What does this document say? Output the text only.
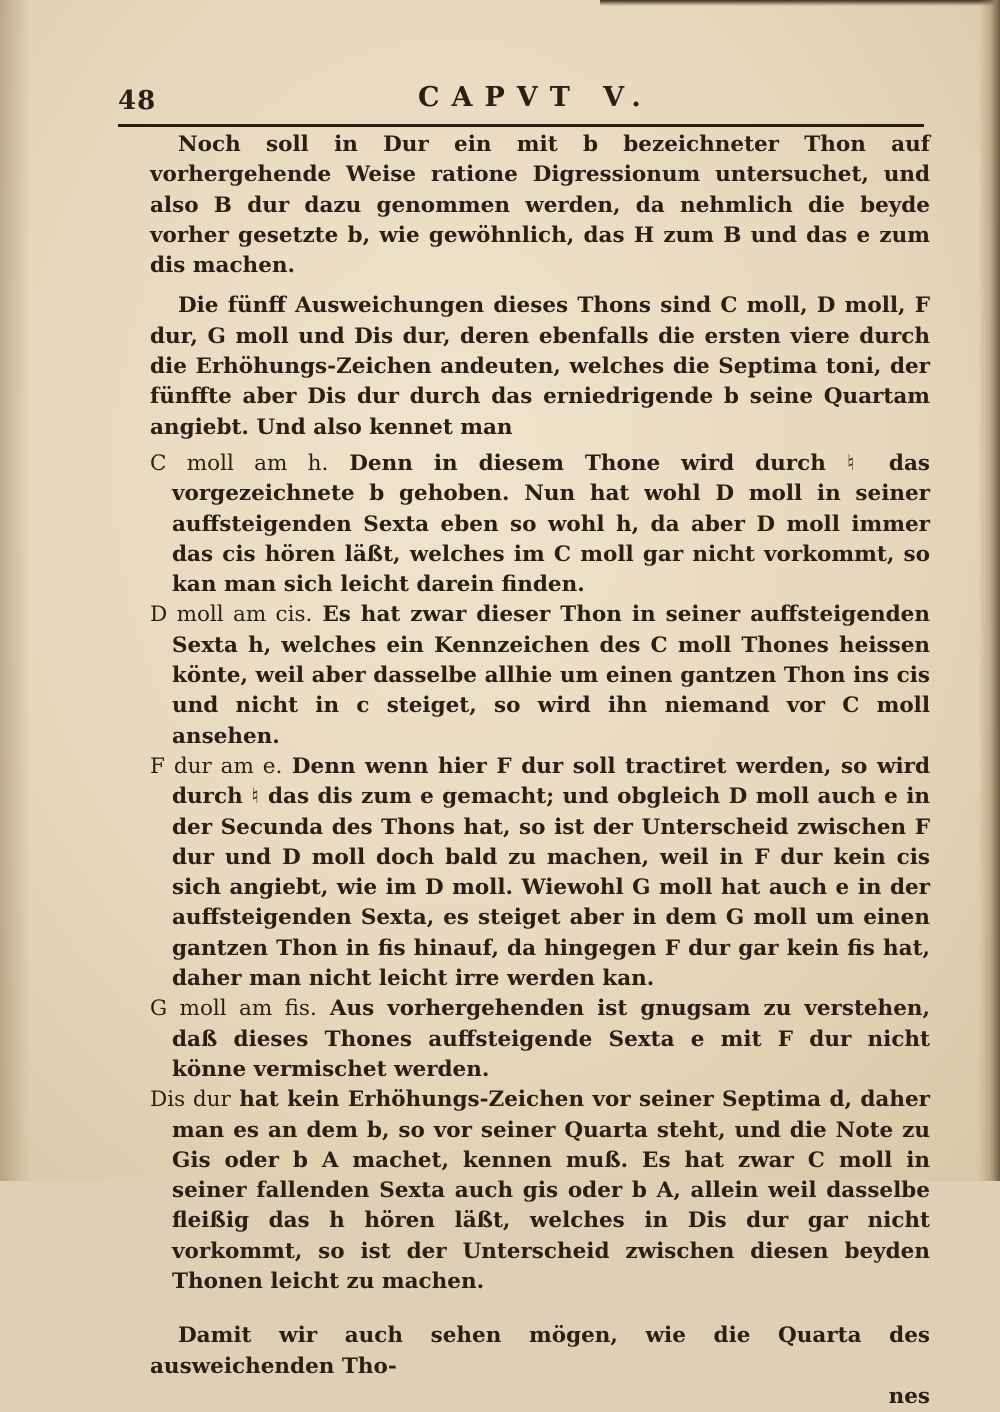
48	CAPVT V.

Noch soll in Dur ein mit b bezeichneter Thon auf vorhergehende Weise ratione Digressionum untersuchet, und also B dur dazu genommen werden, da nehmlich die beyde vorher gesetzte b, wie gewöhnlich, das H zum B und das e zum dis machen.

Die fünff Ausweichungen dieses Thons sind C moll, D moll, F dur, G moll und Dis dur, deren ebenfalls die ersten viere durch die Erhöhungs-Zeichen andeuten, welches die Septima toni, der fünffte aber Dis dur durch das erniedrigende b seine Quartam angiebt. Und also kennet man

C moll am h. Denn in diesem Thone wird durch ♮ das vorgezeichnete b gehoben. Nun hat wohl D moll in seiner auffsteigenden Sexta eben so wohl h, da aber D moll immer das cis hören läßt, welches im C moll gar nicht vorkommt, so kan man sich leicht darein finden.

D moll am cis. Es hat zwar dieser Thon in seiner auffsteigenden Sexta h, welches ein Kennzeichen des C moll Thones heissen könte, weil aber dasselbe allhie um einen gantzen Thon ins cis und nicht in c steiget, so wird ihn niemand vor C moll ansehen.

F dur am e. Denn wenn hier F dur soll tractiret werden, so wird durch ♮ das dis zum e gemacht; und obgleich D moll auch e in der Secunda des Thons hat, so ist der Unterscheid zwischen F dur und D moll doch bald zu machen, weil in F dur kein cis sich angiebt, wie im D moll. Wiewohl G moll hat auch e in der auffsteigenden Sexta, es steiget aber in dem G moll um einen gantzen Thon in fis hinauf, da hingegen F dur gar kein fis hat, daher man nicht leicht irre werden kan.

G moll am fis. Aus vorhergehenden ist gnugsam zu verstehen, daß dieses Thones auffsteigende Sexta e mit F dur nicht könne vermischet werden.

Dis dur hat kein Erhöhungs-Zeichen vor seiner Septima d, daher man es an dem b, so vor seiner Quarta steht, und die Note zu Gis oder b A machet, kennen muß. Es hat zwar C moll in seiner fallenden Sexta auch gis oder b A, allein weil dasselbe fleißig das h hören läßt, welches in Dis dur gar nicht vorkommt, so ist der Unterscheid zwischen diesen beyden Thonen leicht zu machen.

Damit wir auch sehen mögen, wie die Quarta des ausweichenden Tho-

nes
